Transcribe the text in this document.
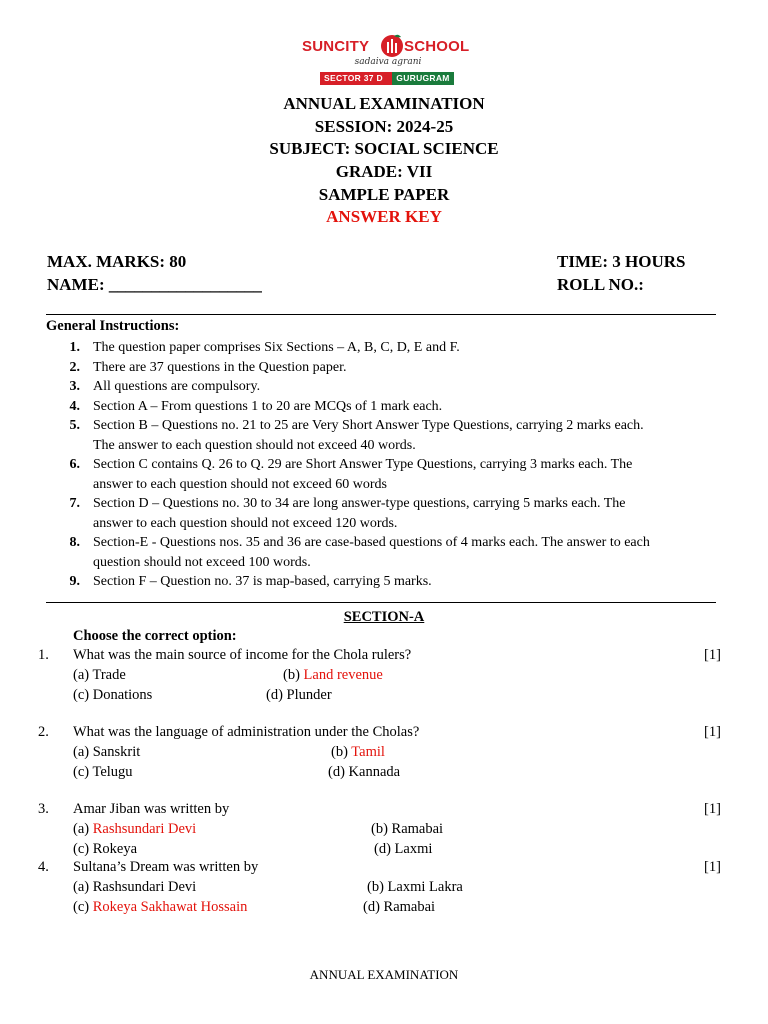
SUNCITY SCHOOL
sadaiva agrani
SECTOR 37 D	GURUGRAM
ANNUAL EXAMINATION
SESSION: 2024-25
SUBJECT: SOCIAL SCIENCE
GRADE: VII
SAMPLE PAPER
ANSWER KEY
MAX. MARKS: 80	TIME: 3 HOURS
NAME: __________________	ROLL NO.:
General Instructions:
1. The question paper comprises Six Sections – A, B, C, D, E and F.
2. There are 37 questions in the Question paper.
3. All questions are compulsory.
4. Section A – From questions 1 to 20 are MCQs of 1 mark each.
5. Section B – Questions no. 21 to 25 are Very Short Answer Type Questions, carrying 2 marks each.
The answer to each question should not exceed 40 words.
6. Section C contains Q. 26 to Q. 29 are Short Answer Type Questions, carrying 3 marks each. The
answer to each question should not exceed 60 words
7. Section D – Questions no. 30 to 34 are long answer-type questions, carrying 5 marks each. The
answer to each question should not exceed 120 words.
8. Section-E - Questions nos. 35 and 36 are case-based questions of 4 marks each. The answer to each
question should not exceed 100 words.
9. Section F – Question no. 37 is map-based, carrying 5 marks.
SECTION-A
Choose the correct option:
1. What was the main source of income for the Chola rulers?	[1]
(a) Trade	(b) Land revenue
(c) Donations	(d) Plunder
2. What was the language of administration under the Cholas?	[1]
(a) Sanskrit	(b) Tamil
(c) Telugu	(d) Kannada
3. Amar Jiban was written by	[1]
(a) Rashsundari Devi	(b) Ramabai
(c) Rokeya	(d) Laxmi
4. Sultana’s Dream was written by	[1]
(a) Rashsundari Devi	(b) Laxmi Lakra
(c) Rokeya Sakhawat Hossain	(d) Ramabai
ANNUAL EXAMINATION
